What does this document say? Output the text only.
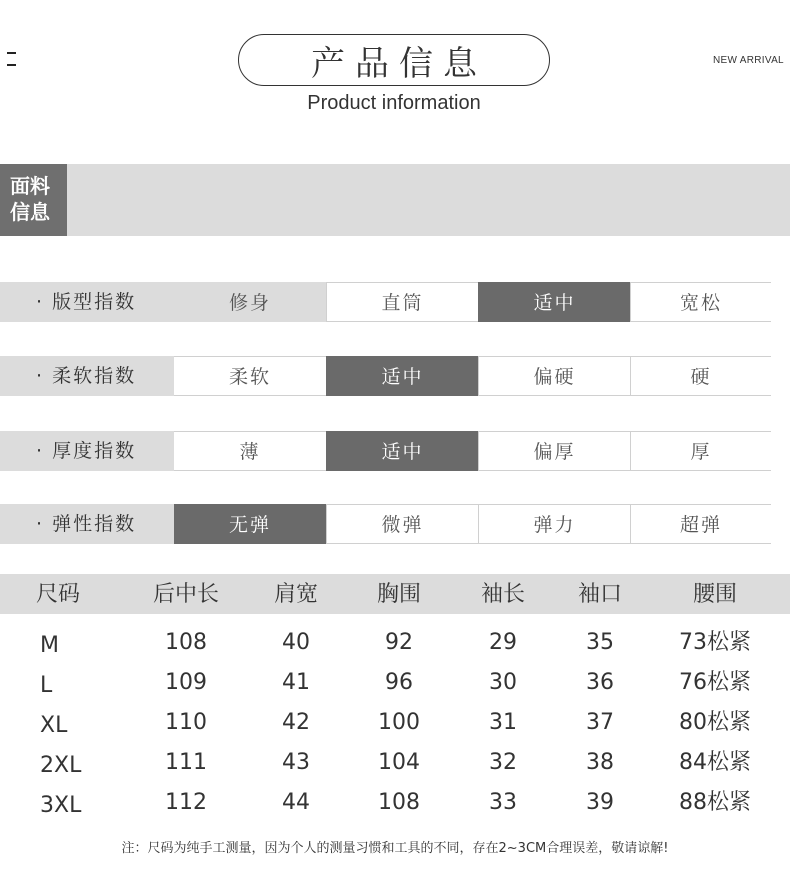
产品信息
Product information
NEW ARRIVAL
面料
信息
· 版型指数	修身	直筒	适中	宽松
· 柔软指数	柔软	适中	偏硬	硬
· 厚度指数	薄	适中	偏厚	厚
· 弹性指数	无弹	微弹	弹力	超弹
尺码	后中长	肩宽	胸围	袖长	袖口	腰围
M	108	40	92	29	35	73松紧
L	109	41	96	30	36	76松紧
XL	110	42	100	31	37	80松紧
2XL	111	43	104	32	38	84松紧
3XL	112	44	108	33	39	88松紧
注：尺码为纯手工测量，因为个人的测量习惯和工具的不同，存在2~3CM合理误差，敬请谅解!
